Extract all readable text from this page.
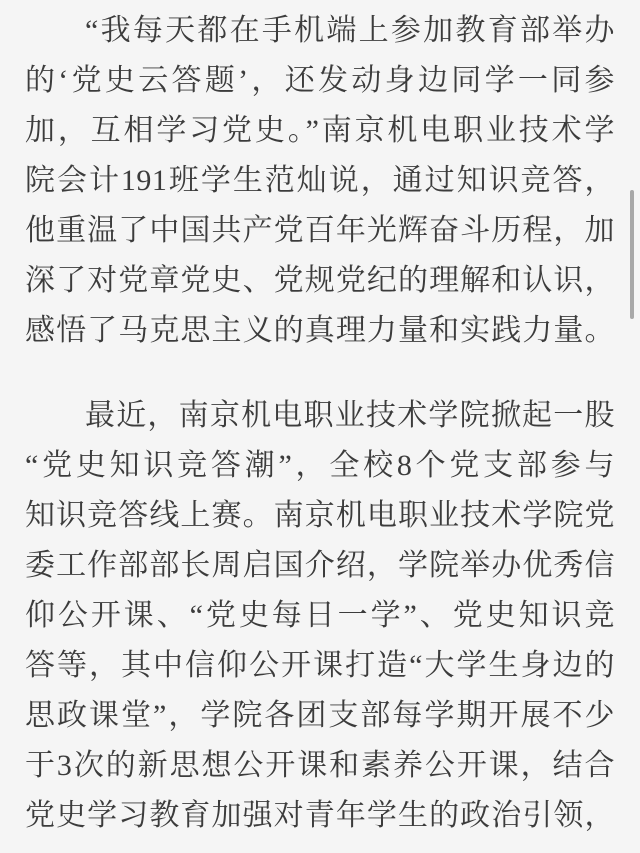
“我每天都在手机端上参加教育部举办
的‘党史云答题’，还发动身边同学一同参
加，互相学习党史。”南京机电职业技术学
院会计191班学生范灿说，通过知识竞答，
他重温了中国共产党百年光辉奋斗历程，加
深了对党章党史、党规党纪的理解和认识，
感悟了马克思主义的真理力量和实践力量。
最近，南京机电职业技术学院掀起一股
“党史知识竞答潮”，全校8个党支部参与
知识竞答线上赛。南京机电职业技术学院党
委工作部部长周启国介绍，学院举办优秀信
仰公开课、“党史每日一学”、党史知识竞
答等，其中信仰公开课打造“大学生身边的
思政课堂”，学院各团支部每学期开展不少
于3次的新思想公开课和素养公开课，结合
党史学习教育加强对青年学生的政治引领，
